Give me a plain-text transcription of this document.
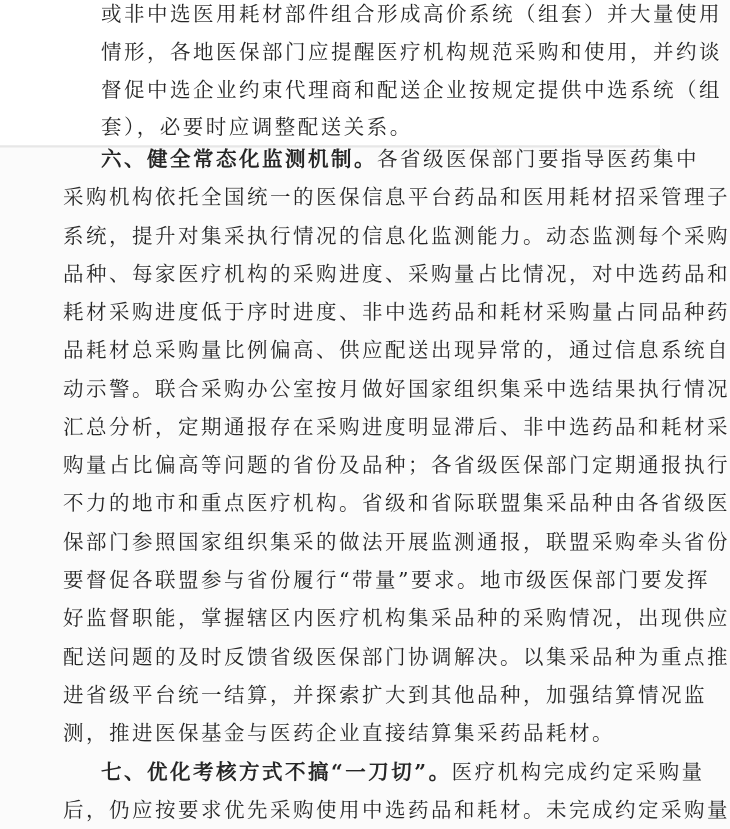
或非中选医用耗材部件组合形成高价系统（组套）并大量使用
情形，各地医保部门应提醒医疗机构规范采购和使用，并约谈
督促中选企业约束代理商和配送企业按规定提供中选系统（组
套），必要时应调整配送关系。
六、健全常态化监测机制。各省级医保部门要指导医药集中
采购机构依托全国统一的医保信息平台药品和医用耗材招采管理子
系统，提升对集采执行情况的信息化监测能力。动态监测每个采购
品种、每家医疗机构的采购进度、采购量占比情况，对中选药品和
耗材采购进度低于序时进度、非中选药品和耗材采购量占同品种药
品耗材总采购量比例偏高、供应配送出现异常的，通过信息系统自
动示警。联合采购办公室按月做好国家组织集采中选结果执行情况
汇总分析，定期通报存在采购进度明显滞后、非中选药品和耗材采
购量占比偏高等问题的省份及品种；各省级医保部门定期通报执行
不力的地市和重点医疗机构。省级和省际联盟集采品种由各省级医
保部门参照国家组织集采的做法开展监测通报，联盟采购牵头省份
要督促各联盟参与省份履行“带量”要求。地市级医保部门要发挥
好监督职能，掌握辖区内医疗机构集采品种的采购情况，出现供应
配送问题的及时反馈省级医保部门协调解决。以集采品种为重点推
进省级平台统一结算，并探索扩大到其他品种，加强结算情况监
测，推进医保基金与医药企业直接结算集采药品耗材。
七、优化考核方式不搞“一刀切”。医疗机构完成约定采购量
后，仍应按要求优先采购使用中选药品和耗材。未完成约定采购量
